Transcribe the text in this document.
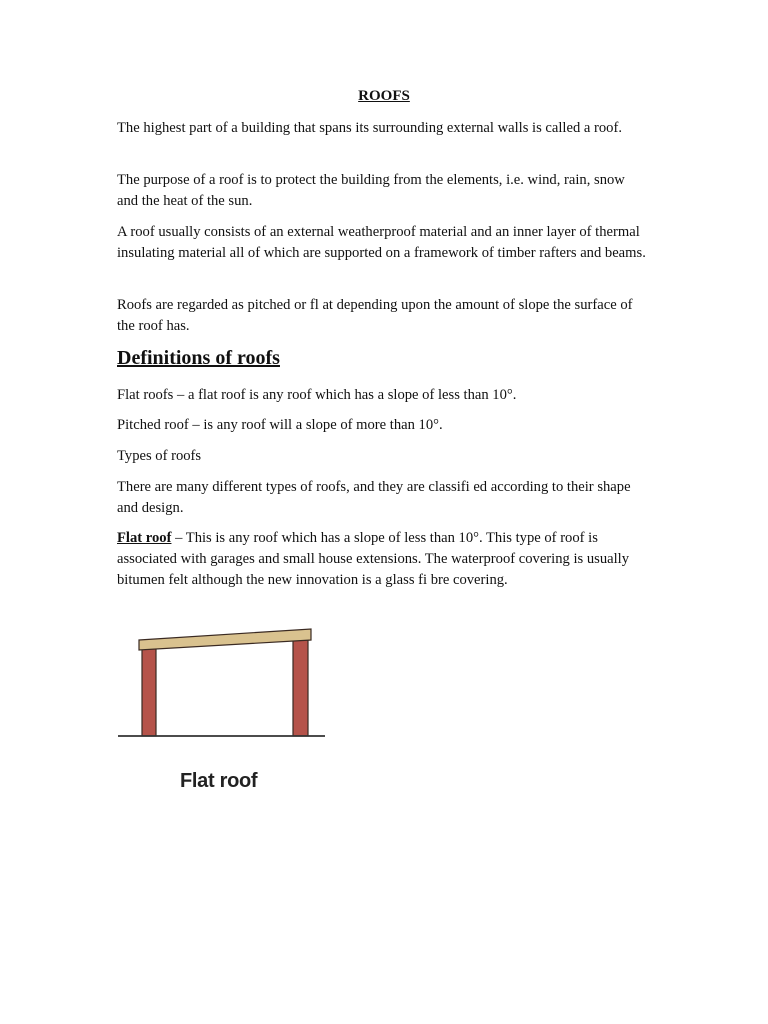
ROOFS

The highest part of a building that spans its surrounding external walls is called a roof.

The purpose of a roof is to protect the building from the elements, i.e. wind, rain, snow and the heat of the sun.

A roof usually consists of an external weatherproof material and an inner layer of thermal insulating material all of which are supported on a framework of timber rafters and beams.

Roofs are regarded as pitched or fl at depending upon the amount of slope the surface of the roof has.

Definitions of roofs

Flat roofs – a flat roof is any roof which has a slope of less than 10°.

Pitched roof – is any roof will a slope of more than 10°.

Types of roofs

There are many different types of roofs, and they are classifi ed according to their shape and design.

Flat roof – This is any roof which has a slope of less than 10°. This type of roof is associated with garages and small house extensions. The waterproof covering is usually bitumen felt although the new innovation is a glass fi bre covering.

Flat roof
